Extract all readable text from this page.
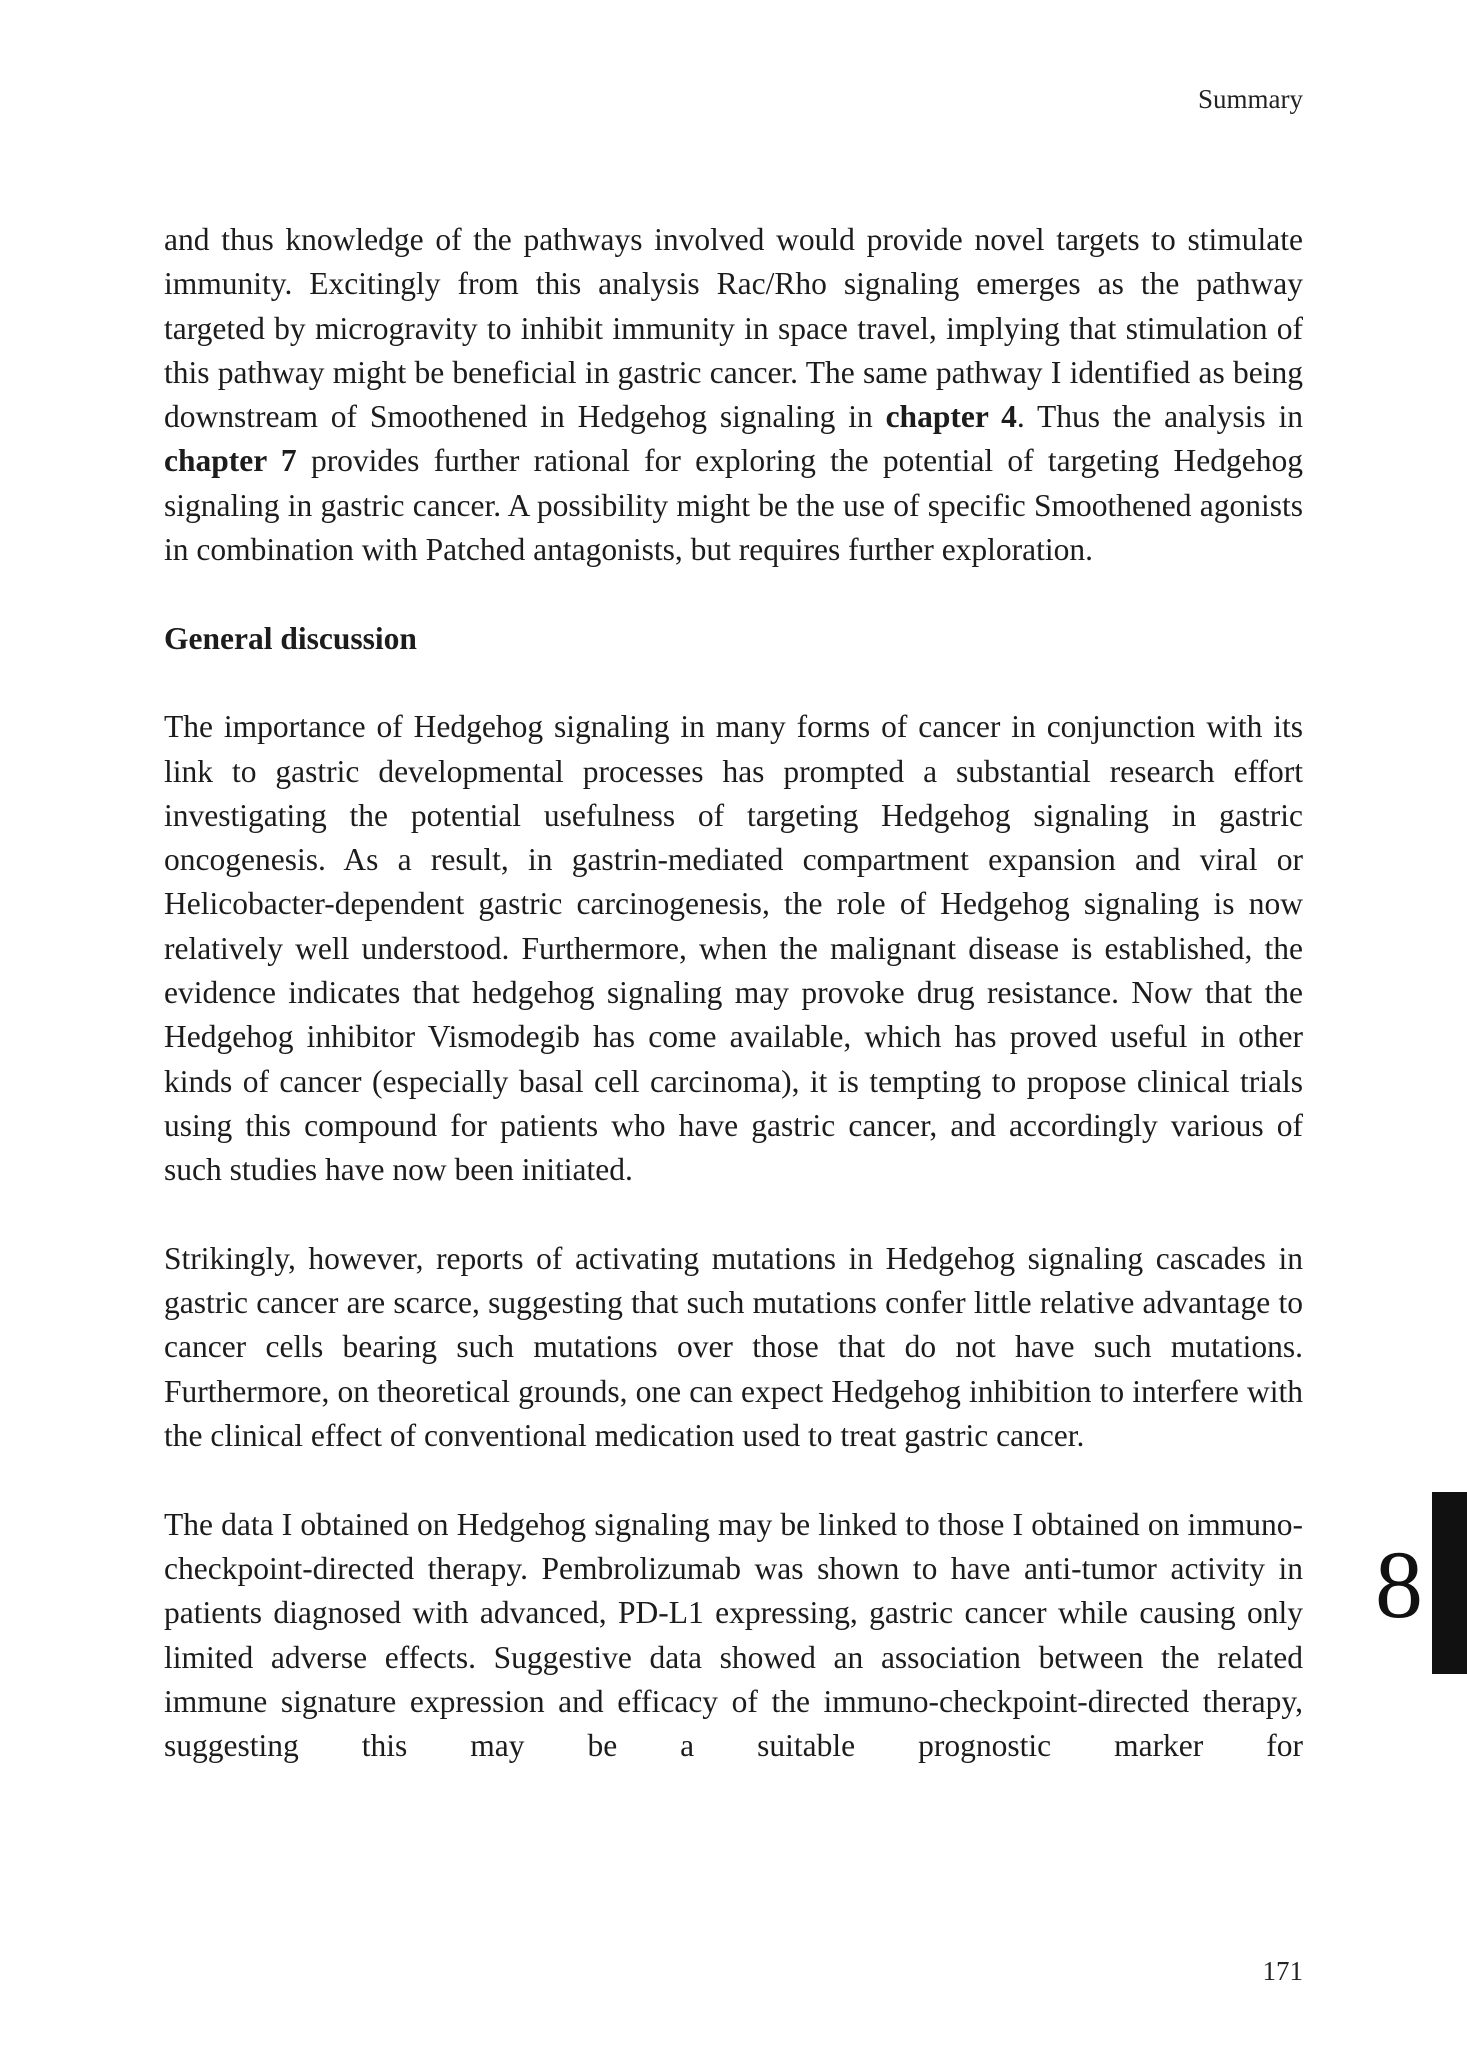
Summary

and thus knowledge of the pathways involved would provide novel targets to stimulate immunity. Excitingly from this analysis Rac/Rho signaling emerges as the pathway targeted by microgravity to inhibit immunity in space travel, implying that stimulation of this pathway might be beneficial in gastric cancer. The same pathway I identified as being downstream of Smoothened in Hedgehog signaling in chapter 4. Thus the analysis in chapter 7 provides further rational for exploring the potential of targeting Hedgehog signaling in gastric cancer. A possibility might be the use of specific Smoothened agonists in combination with Patched antagonists, but requires further exploration.

General discussion

The importance of Hedgehog signaling in many forms of cancer in conjunction with its link to gastric developmental processes has prompted a substantial research effort investigating the potential usefulness of targeting Hedgehog signaling in gastric oncogenesis. As a result, in gastrin-mediated compartment expansion and viral or Helicobacter-dependent gastric carcinogenesis, the role of Hedgehog signaling is now relatively well understood. Furthermore, when the malignant disease is established, the evidence indicates that hedgehog signaling may provoke drug resistance. Now that the Hedgehog inhibitor Vismodegib has come available, which has proved useful in other kinds of cancer (especially basal cell carcinoma), it is tempting to propose clinical trials using this compound for patients who have gastric cancer, and accordingly various of such studies have now been initiated.

Strikingly, however, reports of activating mutations in Hedgehog signaling cascades in gastric cancer are scarce, suggesting that such mutations confer little relative advantage to cancer cells bearing such mutations over those that do not have such mutations. Furthermore, on theoretical grounds, one can expect Hedgehog inhibition to interfere with the clinical effect of conventional medication used to treat gastric cancer.

The data I obtained on Hedgehog signaling may be linked to those I obtained on immuno-checkpoint-directed therapy. Pembrolizumab was shown to have anti-tumor activity in patients diagnosed with advanced, PD-L1 expressing, gastric cancer while causing only limited adverse effects. Suggestive data showed an association between the related immune signature expression and efficacy of the immuno-checkpoint-directed therapy, suggesting this may be a suitable prognostic marker for

8
171
